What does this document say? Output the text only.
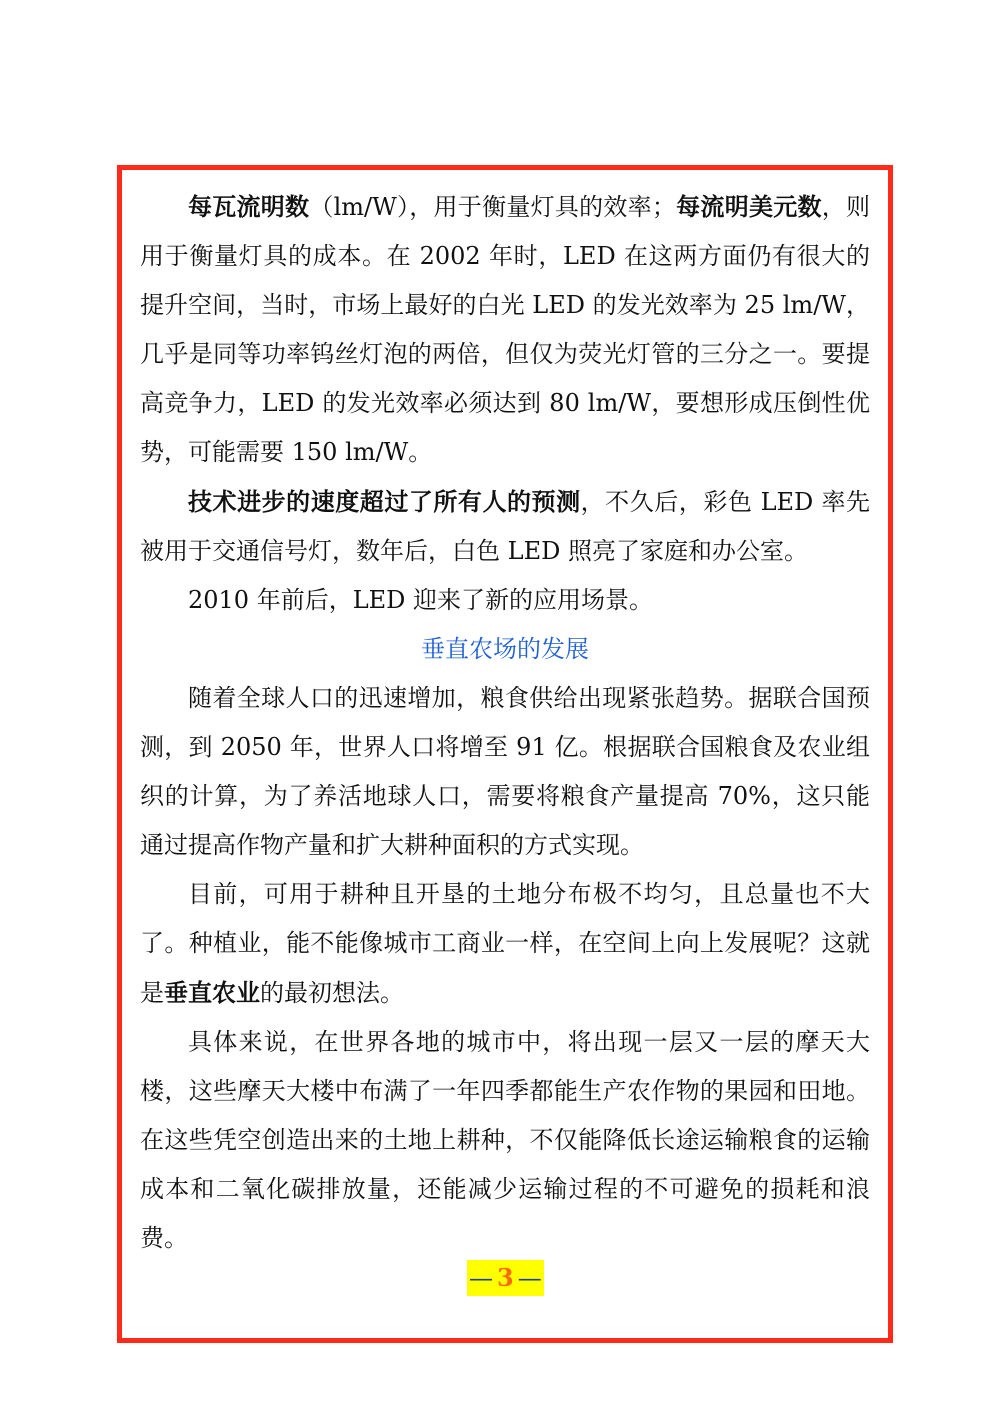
每瓦流明数（lm/W），用于衡量灯具的效率；每流明美元数，则用于衡量灯具的成本。在 2002 年时，LED 在这两方面仍有很大的提升空间，当时，市场上最好的白光 LED 的发光效率为 25 lm/W，几乎是同等功率钨丝灯泡的两倍，但仅为荧光灯管的三分之一。要提高竞争力，LED 的发光效率必须达到 80 lm/W，要想形成压倒性优势，可能需要 150 lm/W。

技术进步的速度超过了所有人的预测，不久后，彩色 LED 率先被用于交通信号灯，数年后，白色 LED 照亮了家庭和办公室。

2010 年前后，LED 迎来了新的应用场景。

垂直农场的发展

随着全球人口的迅速增加，粮食供给出现紧张趋势。据联合国预测，到 2050 年，世界人口将增至 91 亿。根据联合国粮食及农业组织的计算，为了养活地球人口，需要将粮食产量提高 70%，这只能通过提高作物产量和扩大耕种面积的方式实现。

目前，可用于耕种且开垦的土地分布极不均匀，且总量也不大了。种植业，能不能像城市工商业一样，在空间上向上发展呢？这就是垂直农业的最初想法。

具体来说，在世界各地的城市中，将出现一层又一层的摩天大楼，这些摩天大楼中布满了一年四季都能生产农作物的果园和田地。在这些凭空创造出来的土地上耕种，不仅能降低长途运输粮食的运输成本和二氧化碳排放量，还能减少运输过程的不可避免的损耗和浪费。

— 3 —
